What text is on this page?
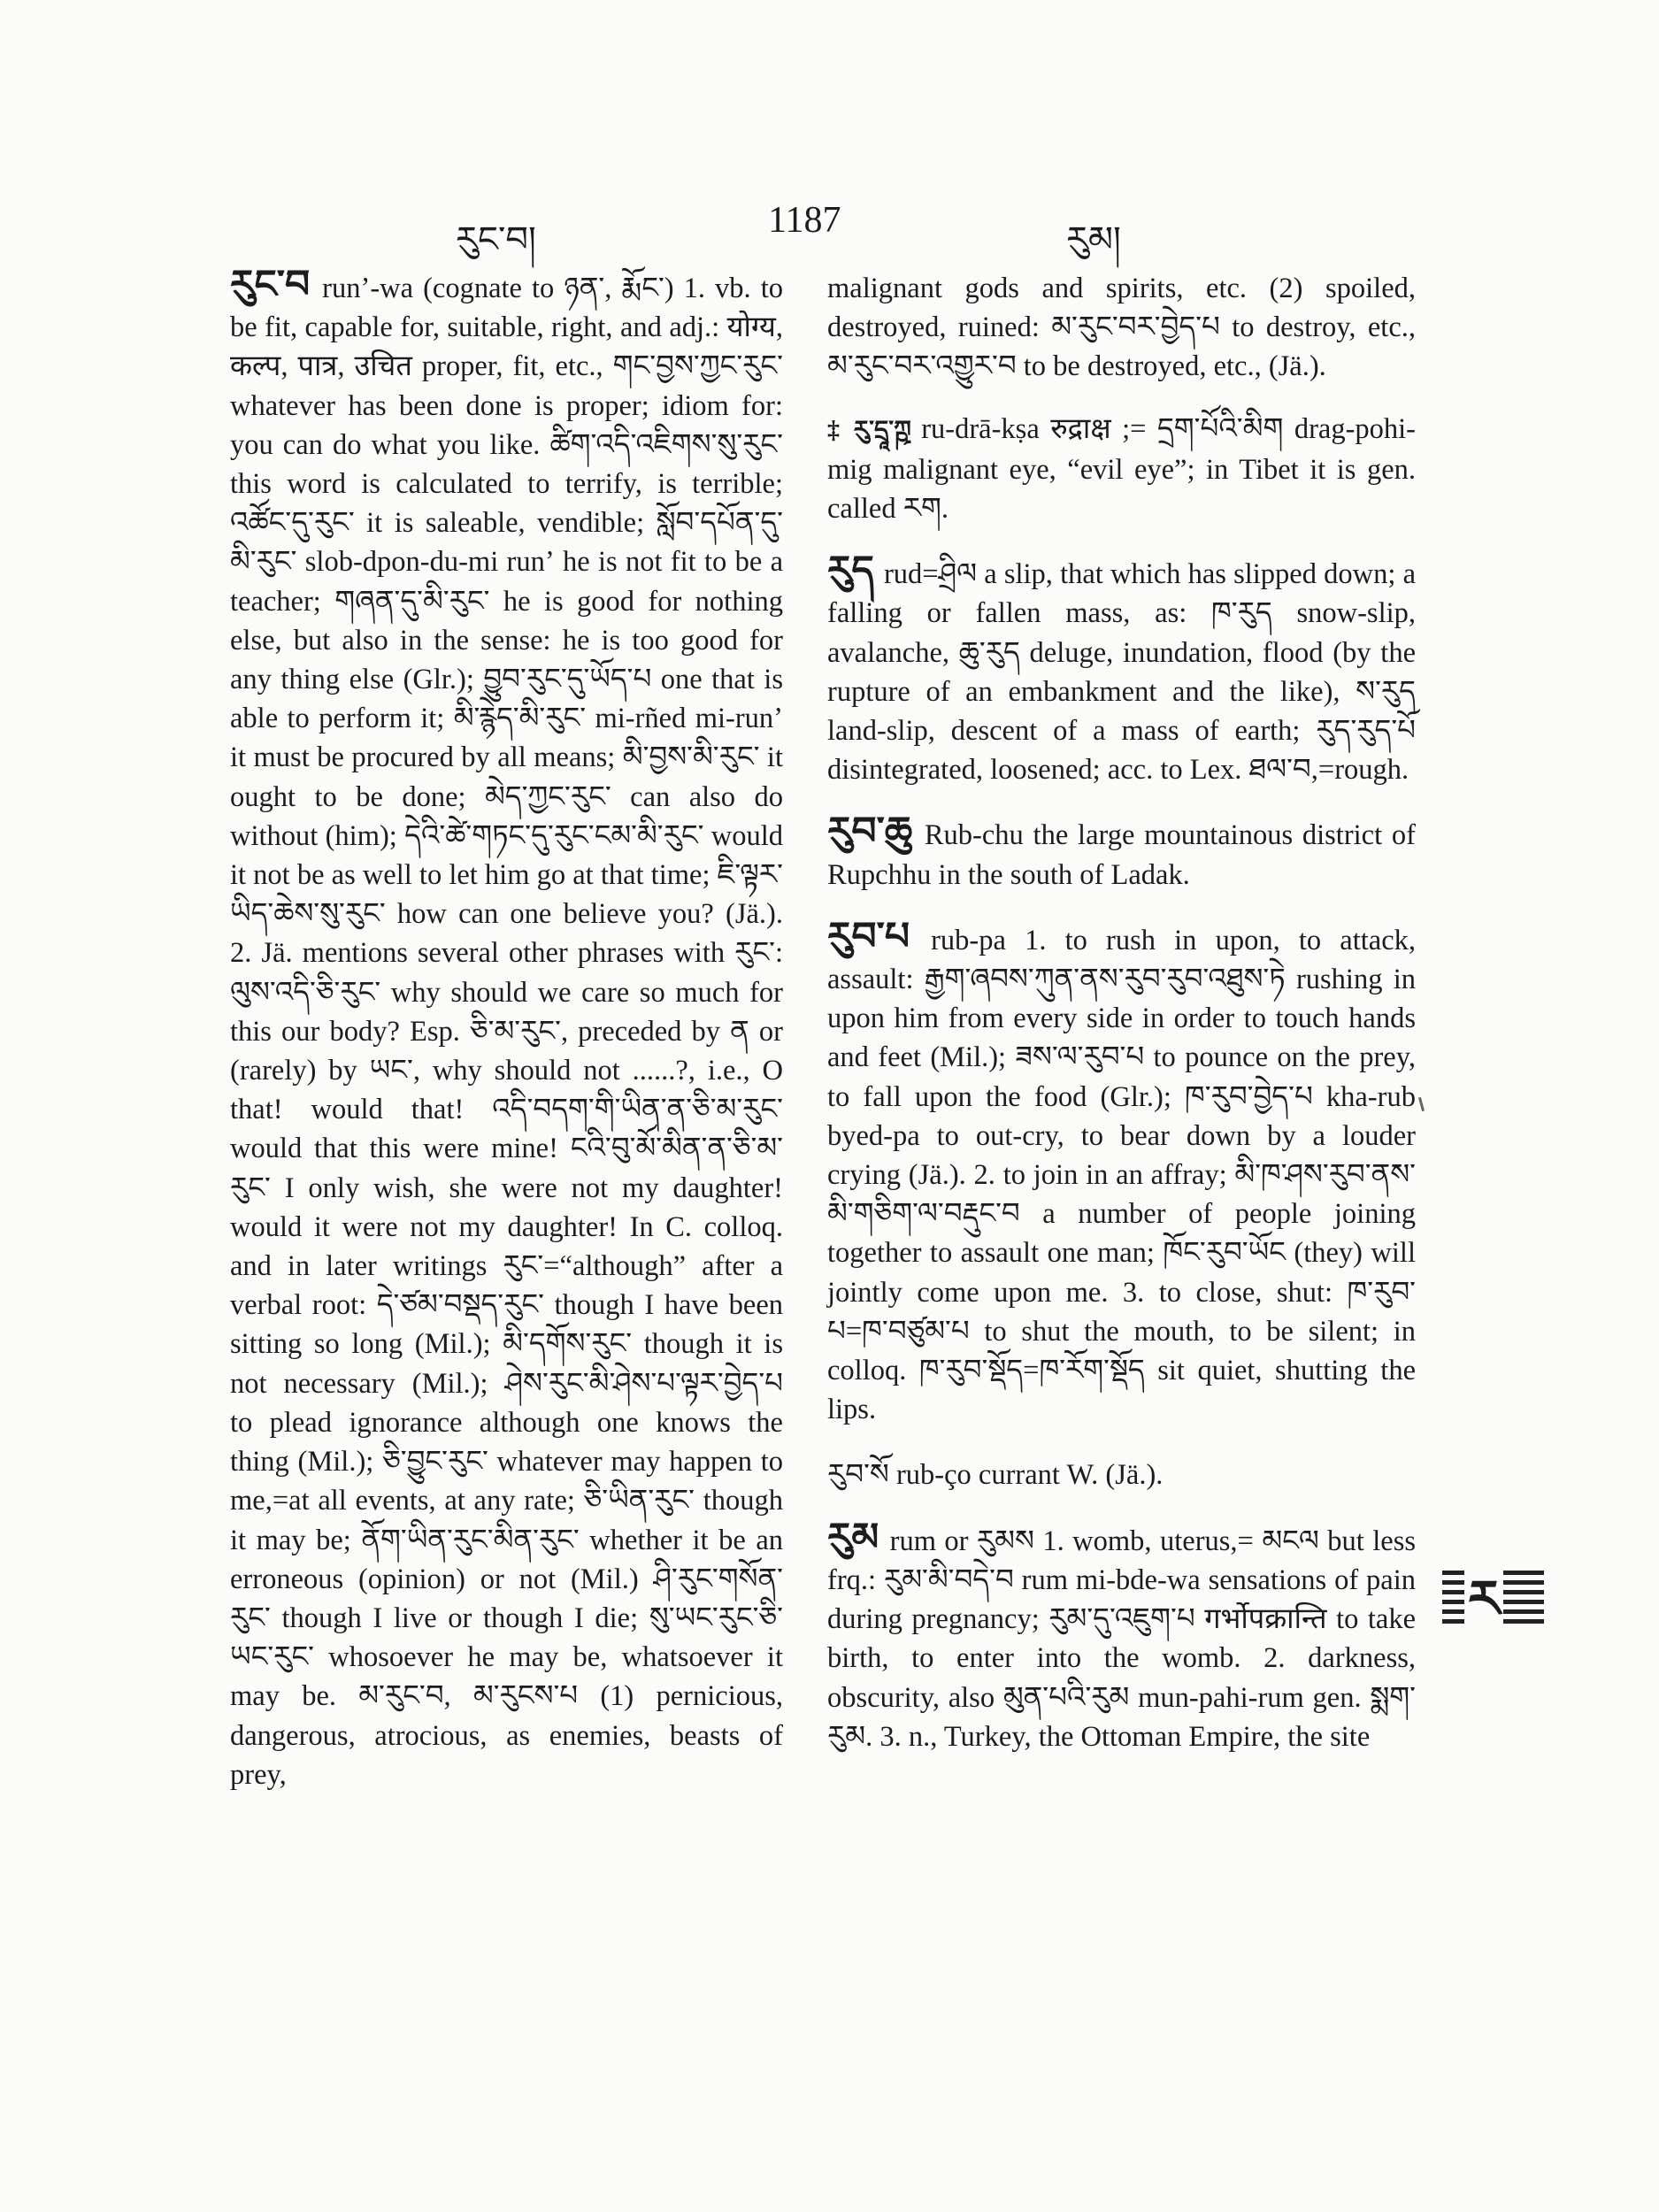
རུང་བ།	1187	རུམ།
རུང་བ runʼ-wa (cognate to ཉན་, རྨོང་) 1. vb. to be fit, capable for, suitable, right, and adj.: योग्य, कल्प, पात्र, उचित proper, fit, etc., གང་བྱས་ཀྱང་རུང་ whatever has been done is proper; idiom for: you can do what you like. ཚིག་འདི་འཇིགས་སུ་རུང་ this word is calculated to terrify, is terrible; འཚོང་དུ་རུང་ it is saleable, vendible; སློབ་དཔོན་དུ་མི་རུང་ slob-dpon-du-mi runʼ he is not fit to be a teacher; གཞན་དུ་མི་རུང་ he is good for nothing else, but also in the sense: he is too good for any thing else (Glr.); བྱུབ་རུང་དུ་ཡོད་པ one that is able to perform it; མི་རྙེད་མི་རུང་ mi-rñed mi-runʼ it must be procured by all means; མི་བྱས་མི་རུང་ it ought to be done; མེད་ཀྱང་རུང་ can also do without (him); དེའི་ཚེ་གཏང་དུ་རུང་ངམ་མི་རུང་ would it not be as well to let him go at that time; ཇི་ལྟར་ཡིད་ཆེས་སུ་རུང་ how can one believe you? (Jä.). 2. Jä. mentions several other phrases with རུང་: ལུས་འདི་ཅི་རུང་ why should we care so much for this our body? Esp. ཅི་མ་རུང་, preceded by ན or (rarely) by ཡང་, why should not ......?, i.e., O that! would that! འདི་བདག་གི་ཡིན་ན་ཅི་མ་རུང་ would that this were mine! ངའི་བུ་མོ་མིན་ན་ཅི་མ་རུང་ I only wish, she were not my daughter! would it were not my daughter! In C. colloq. and in later writings རུང་=“although” after a verbal root: དེ་ཙམ་བསྡད་རུང་ though I have been sitting so long (Mil.); མི་དགོས་རུང་ though it is not necessary (Mil.); ཤེས་རུང་མི་ཤེས་པ་ལྟར་བྱེད་པ to plead ignorance although one knows the thing (Mil.); ཅི་བྱུང་རུང་ whatever may happen to me,=at all events, at any rate; ཅི་ཡིན་རུང་ though it may be; ནོག་ཡིན་རུང་མིན་རུང་ whether it be an erroneous (opinion) or not (Mil.) ཤི་རུང་གསོན་རུང་ though I live or though I die; སུ་ཡང་རུང་ཅི་ཡང་རུང་ whosoever he may be, whatsoever it may be. མ་རུང་བ, མ་རུངས་པ (1) pernicious, dangerous, atrocious, as enemies, beasts of prey,
malignant gods and spirits, etc. (2) spoiled, destroyed, ruined: མ་རུང་བར་བྱེད་པ to destroy, etc., མ་རུང་བར་འགྱུར་བ to be destroyed, etc., (Jä.).
‡ རུ་དྲཱ་ཀྵ ru-drā-kṣa रुद्राक्ष ;= དྲག་པོའི་མིག drag-pohi-mig malignant eye, “evil eye”; in Tibet it is gen. called རག.
རུད rud=ཤྲིལ a slip, that which has slipped down; a falling or fallen mass, as: ཁ་རུད snow-slip, avalanche, ཆུ་རུད deluge, inundation, flood (by the rupture of an embankment and the like), ས་རུད land-slip, descent of a mass of earth; རུད་རུད་པོ disintegrated, loosened; acc. to Lex. ཐལ་བ,=rough.
རུབ་ཆུ Rub-chu the large mountainous district of Rupchhu in the south of Ladak.
རུབ་པ rub-pa 1. to rush in upon, to attack, assault: རྒྱག་ཞབས་ཀུན་ནས་རུབ་རུབ་འཐུས་ཏེ rushing in upon him from every side in order to touch hands and feet (Mil.); ཟས་ལ་རུབ་པ to pounce on the prey, to fall upon the food (Glr.); ཁ་རུབ་བྱེད་པ kha-rub byed-pa to out-cry, to bear down by a louder crying (Jä.). 2. to join in an affray; མི་ཁ་ཤས་རུབ་ནས་མི་གཅིག་ལ་བརྡུང་བ a number of people joining together to assault one man; ཁོང་རུབ་ཡོང (they) will jointly come upon me. 3. to close, shut: ཁ་རུབ་པ=ཁ་བཙུམ་པ to shut the mouth, to be silent; in colloq. ཁ་རུབ་སྡོད=ཁ་རོག་སྡོད sit quiet, shutting the lips.
རུབ་སོ rub-ço currant W. (Jä.).
རུམ rum or རུམས 1. womb, uterus,= མངལ but less frq.: རུམ་མི་བདེ་བ rum mi-bde-wa sensations of pain during pregnancy; རུམ་དུ་འཇུག་པ गर्भोपक्रान्ति to take birth, to enter into the womb. 2. darkness, obscurity, also མུན་པའི་རུམ mun-pahi-rum gen. སྨག་རུམ. 3. n., Turkey, the Ottoman Empire, the site
ར
